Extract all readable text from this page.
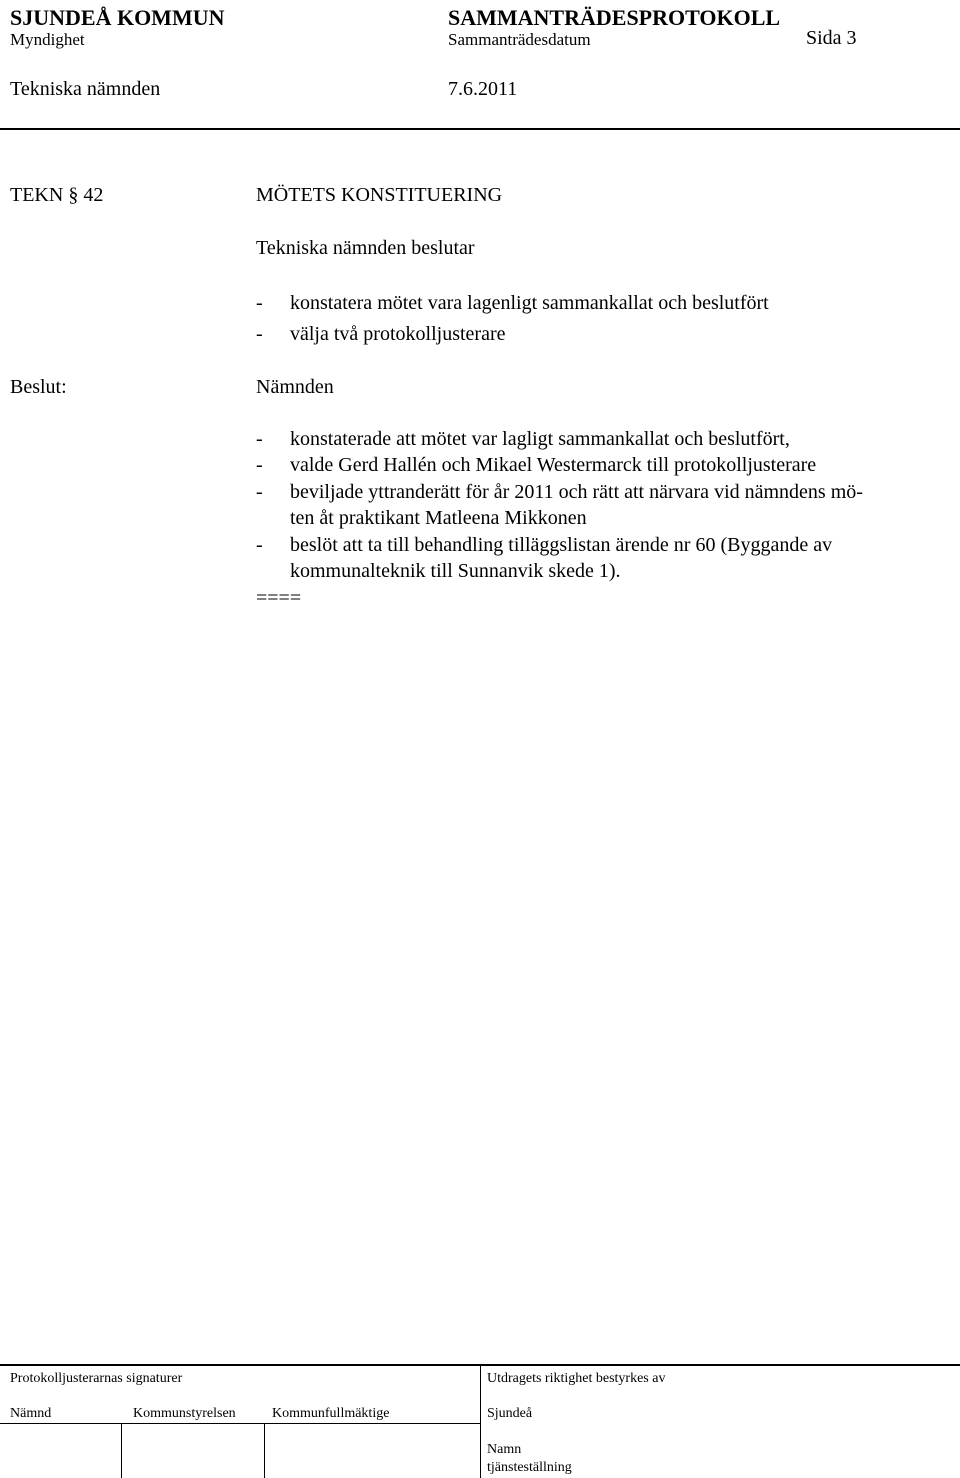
SJUNDEÅ KOMMUN	SAMMANTRÄDESPROTOKOLL
Myndighet	Sammanträdesdatum	Sida 3
Tekniska nämnden	7.6.2011
TEKN § 42	MÖTETS KONSTITUERING
Tekniska nämnden beslutar
- konstatera mötet vara lagenligt sammankallat och beslutfört
- välja två protokolljusterare
Beslut:	Nämnden
- konstaterade att mötet var lagligt sammankallat och beslutfört,
- valde Gerd Hallén och Mikael Westermarck till protokolljusterare
- beviljade yttranderätt för år 2011 och rätt att närvara vid nämndens mö-
ten åt praktikant Matleena Mikkonen
- beslöt att ta till behandling tilläggslistan ärende nr 60 (Byggande av
kommunalteknik till Sunnanvik skede 1).
====
Protokolljusterarnas signaturer	Utdragets riktighet bestyrkes av
Nämnd	Kommunstyrelsen	Kommunfullmäktige	Sjundeå
Namn
tjänsteställning
